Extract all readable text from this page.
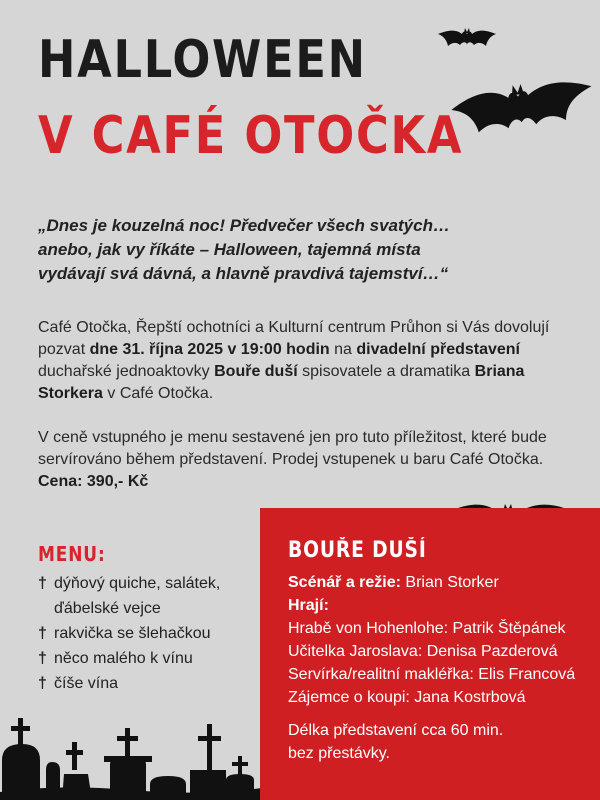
HALLOWEEN
V CAFÉ OTOČKA
„Dnes je kouzelná noc! Předvečer všech svatých…
anebo, jak vy říkáte – Halloween, tajemná místa
vydávají svá dávná, a hlavně pravdivá tajemství…“
Café Otočka, Řepští ochotníci a Kulturní centrum Průhon si Vás dovolují pozvat dne 31. října 2025 v 19:00 hodin na divadelní představení duchařské jednoaktovky Bouře duší spisovatele a dramatika Briana Storkera v Café Otočka.
V ceně vstupného je menu sestavené jen pro tuto příležitost, které bude servírováno během představení. Prodej vstupenek u baru Café Otočka.
Cena: 390,- Kč
MENU:
† dýňový quiche, salátek, ďábelské vejce
† rakvička se šlehačkou
† něco malého k vínu
† číše vína
BOUŘE DUŠÍ
Scénář a režie: Brian Storker
Hrají:
Hrabě von Hohenlohe: Patrik Štěpánek
Učitelka Jaroslava: Denisa Pazderová
Servírka/realitní makléřka: Elis Francová
Zájemce o koupi: Jana Kostrbová
Délka představení cca 60 min.
bez přestávky.
